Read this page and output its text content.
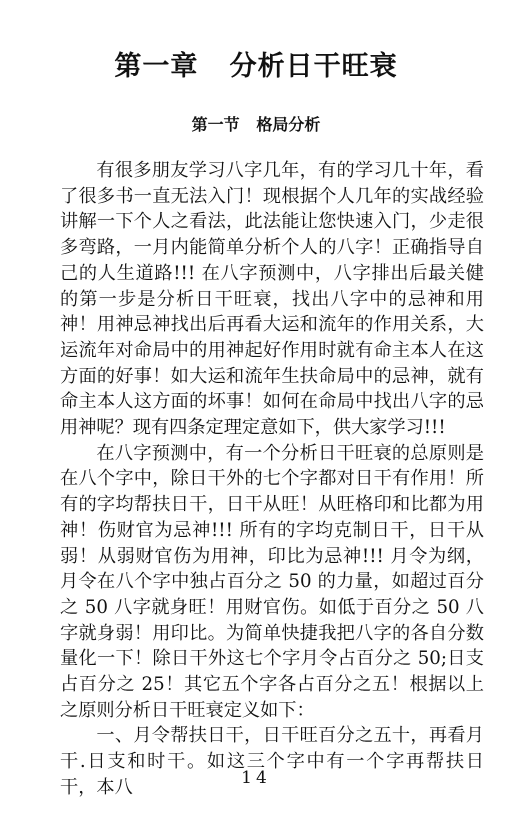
第一章   分析日干旺衰
第一节   格局分析

有很多朋友学习八字几年，有的学习几十年，看了很多书一直无法入门！现根据个人几年的实战经验讲解一下个人之看法，此法能让您快速入门，少走很多弯路，一月内能简单分析个人的八字！正确指导自己的人生道路!!! 在八字预测中，八字排出后最关健的第一步是分析日干旺衰，找出八字中的忌神和用神！用神忌神找出后再看大运和流年的作用关系，大运流年对命局中的用神起好作用时就有命主本人在这方面的好事！如大运和流年生扶命局中的忌神，就有命主本人这方面的坏事！如何在命局中找出八字的忌用神呢？现有四条定理定意如下，供大家学习!!!

在八字预测中，有一个分析日干旺衰的总原则是在八个字中，除日干外的七个字都对日干有作用！所有的字均帮扶日干，日干从旺！从旺格印和比都为用神！伤财官为忌神!!! 所有的字均克制日干，日干从弱！从弱财官伤为用神，印比为忌神!!! 月令为纲，月令在八个字中独占百分之 50 的力量，如超过百分之 50 八字就身旺！用财官伤。如低于百分之 50 八字就身弱！用印比。为简单快捷我把八字的各自分数量化一下！除日干外这七个字月令占百分之 50;日支占百分之 25！其它五个字各占百分之五！根据以上之原则分析日干旺衰定义如下：

一、月令帮扶日干，日干旺百分之五十，再看月干.日支和时干。如这三个字中有一个字再帮扶日干，本八	14
